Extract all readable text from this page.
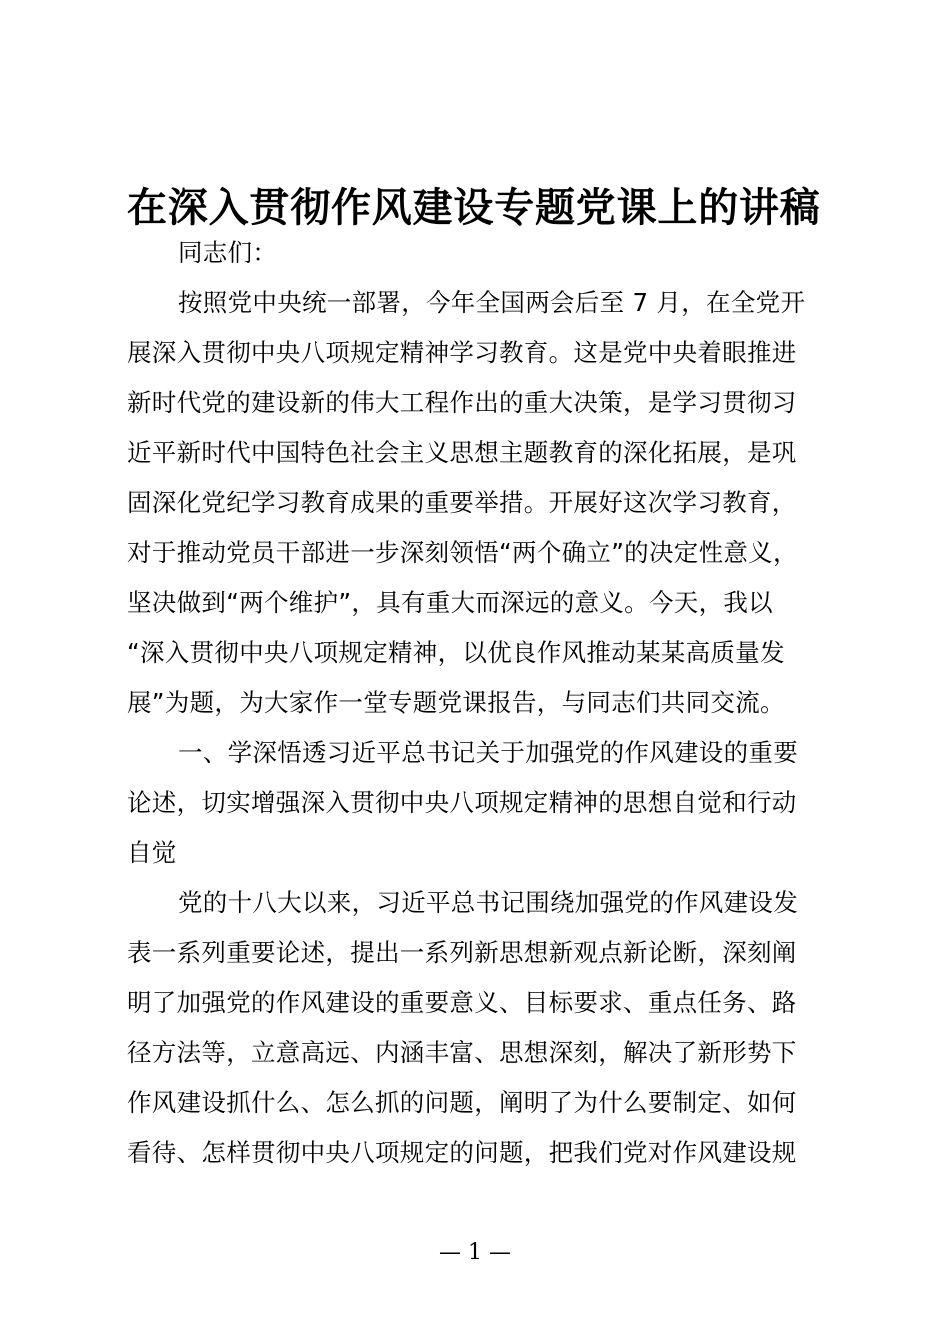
在深入贯彻作风建设专题党课上的讲稿
同志们：
按照党中央统一部署，今年全国两会后至 7 月，在全党开
展深入贯彻中央八项规定精神学习教育。这是党中央着眼推进
新时代党的建设新的伟大工程作出的重大决策，是学习贯彻习
近平新时代中国特色社会主义思想主题教育的深化拓展，是巩
固深化党纪学习教育成果的重要举措。开展好这次学习教育，
对于推动党员干部进一步深刻领悟“两个确立”的决定性意义，
坚决做到“两个维护”，具有重大而深远的意义。今天，我以
“深入贯彻中央八项规定精神，以优良作风推动某某高质量发
展”为题，为大家作一堂专题党课报告，与同志们共同交流。
一、学深悟透习近平总书记关于加强党的作风建设的重要
论述，切实增强深入贯彻中央八项规定精神的思想自觉和行动
自觉
党的十八大以来，习近平总书记围绕加强党的作风建设发
表一系列重要论述，提出一系列新思想新观点新论断，深刻阐
明了加强党的作风建设的重要意义、目标要求、重点任务、路
径方法等，立意高远、内涵丰富、思想深刻，解决了新形势下
作风建设抓什么、怎么抓的问题，阐明了为什么要制定、如何
看待、怎样贯彻中央八项规定的问题，把我们党对作风建设规
— 1 —
